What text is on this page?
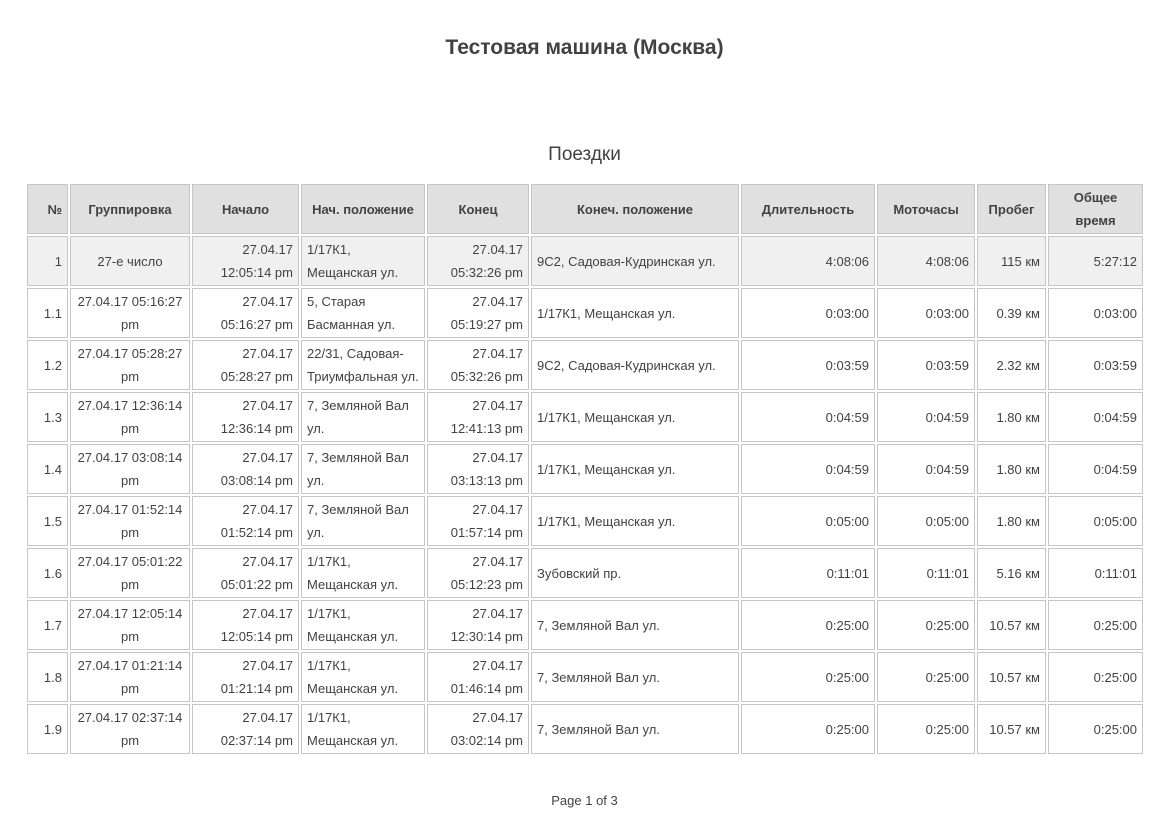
Тестовая машина (Москва)
Поездки
№	Группировка	Начало	Нач. положение	Конец	Конеч. положение	Длительность	Моточасы	Пробег	Общее время
1	27-е число	27.04.17 12:05:14 pm	1/17К1, Мещанская ул.	27.04.17 05:32:26 pm	9С2, Садовая-Кудринская ул.	4:08:06	4:08:06	115 км	5:27:12
1.1	27.04.17 05:16:27 pm	27.04.17 05:16:27 pm	5, Старая Басманная ул.	27.04.17 05:19:27 pm	1/17К1, Мещанская ул.	0:03:00	0:03:00	0.39 км	0:03:00
1.2	27.04.17 05:28:27 pm	27.04.17 05:28:27 pm	22/31, Садовая-Триумфальная ул.	27.04.17 05:32:26 pm	9С2, Садовая-Кудринская ул.	0:03:59	0:03:59	2.32 км	0:03:59
1.3	27.04.17 12:36:14 pm	27.04.17 12:36:14 pm	7, Земляной Вал ул.	27.04.17 12:41:13 pm	1/17К1, Мещанская ул.	0:04:59	0:04:59	1.80 км	0:04:59
1.4	27.04.17 03:08:14 pm	27.04.17 03:08:14 pm	7, Земляной Вал ул.	27.04.17 03:13:13 pm	1/17К1, Мещанская ул.	0:04:59	0:04:59	1.80 км	0:04:59
1.5	27.04.17 01:52:14 pm	27.04.17 01:52:14 pm	7, Земляной Вал ул.	27.04.17 01:57:14 pm	1/17К1, Мещанская ул.	0:05:00	0:05:00	1.80 км	0:05:00
1.6	27.04.17 05:01:22 pm	27.04.17 05:01:22 pm	1/17К1, Мещанская ул.	27.04.17 05:12:23 pm	Зубовский пр.	0:11:01	0:11:01	5.16 км	0:11:01
1.7	27.04.17 12:05:14 pm	27.04.17 12:05:14 pm	1/17К1, Мещанская ул.	27.04.17 12:30:14 pm	7, Земляной Вал ул.	0:25:00	0:25:00	10.57 км	0:25:00
1.8	27.04.17 01:21:14 pm	27.04.17 01:21:14 pm	1/17К1, Мещанская ул.	27.04.17 01:46:14 pm	7, Земляной Вал ул.	0:25:00	0:25:00	10.57 км	0:25:00
1.9	27.04.17 02:37:14 pm	27.04.17 02:37:14 pm	1/17К1, Мещанская ул.	27.04.17 03:02:14 pm	7, Земляной Вал ул.	0:25:00	0:25:00	10.57 км	0:25:00
Page 1 of 3
